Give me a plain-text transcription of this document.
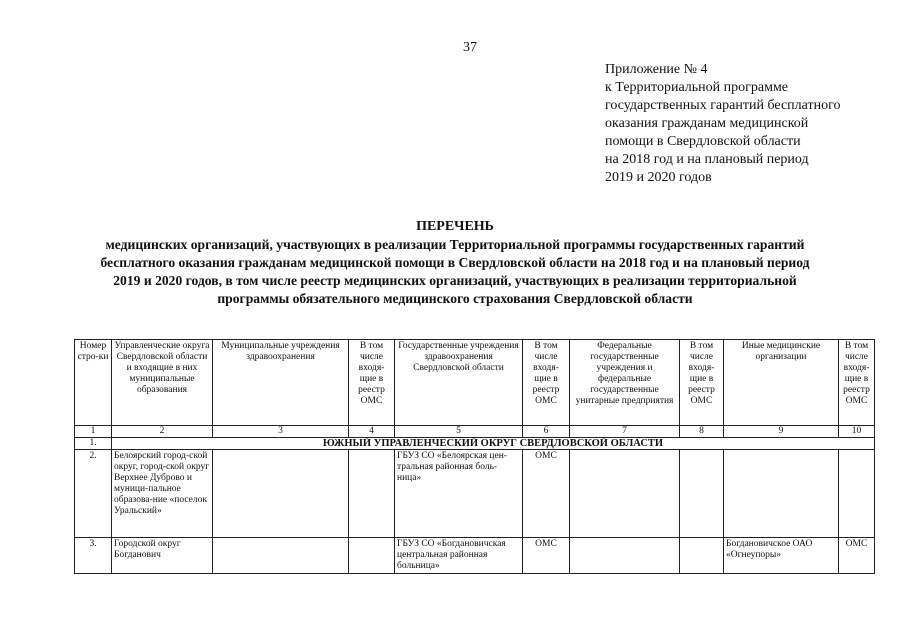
37
Приложение № 4
к Территориальной программе
государственных гарантий бесплатного
оказания гражданам медицинской
помощи в Свердловской области
на 2018 год и на плановый период
2019 и 2020 годов
ПЕРЕЧЕНЬ
медицинских организаций, участвующих в реализации Территориальной программы государственных гарантий
бесплатного оказания гражданам медицинской помощи в Свердловской области на 2018 год и на плановый период
2019 и 2020 годов, в том числе реестр медицинских организаций, участвующих в реализации территориальной
программы обязательного медицинского страхования Свердловской области
Номер стро-ки	Управленческие округа Свердловской области и входящие в них муниципальные образования	Муниципальные учреждения здравоохранения	В том числе входя-щие в реестр ОМС	Государственные учреждения здравоохранения Свердловской области	В том числе входя-щие в реестр ОМС	Федеральные государственные учреждения и федеральные государственные унитарные предприятия	В том числе входя-щие в реестр ОМС	Иные медицинские организации	В том числе входя-щие в реестр ОМС
1	2	3	4	5	6	7	8	9	10
1.	ЮЖНЫЙ УПРАВЛЕНЧЕСКИЙ ОКРУГ СВЕРДЛОВСКОЙ ОБЛАСТИ								
2.	Белоярский город-ской округ, город-ской округ Верхнее Дуброво и муници-пальное образова-ние «поселок Уральский»			ГБУЗ СО «Белоярская цен-тральная районная боль-ница»	ОМС				
3.	Городской округ Богданович			ГБУЗ СО «Богдановичская центральная районная больница»	ОМС			Богдановичское ОАО «Огнеупоры»	ОМС
